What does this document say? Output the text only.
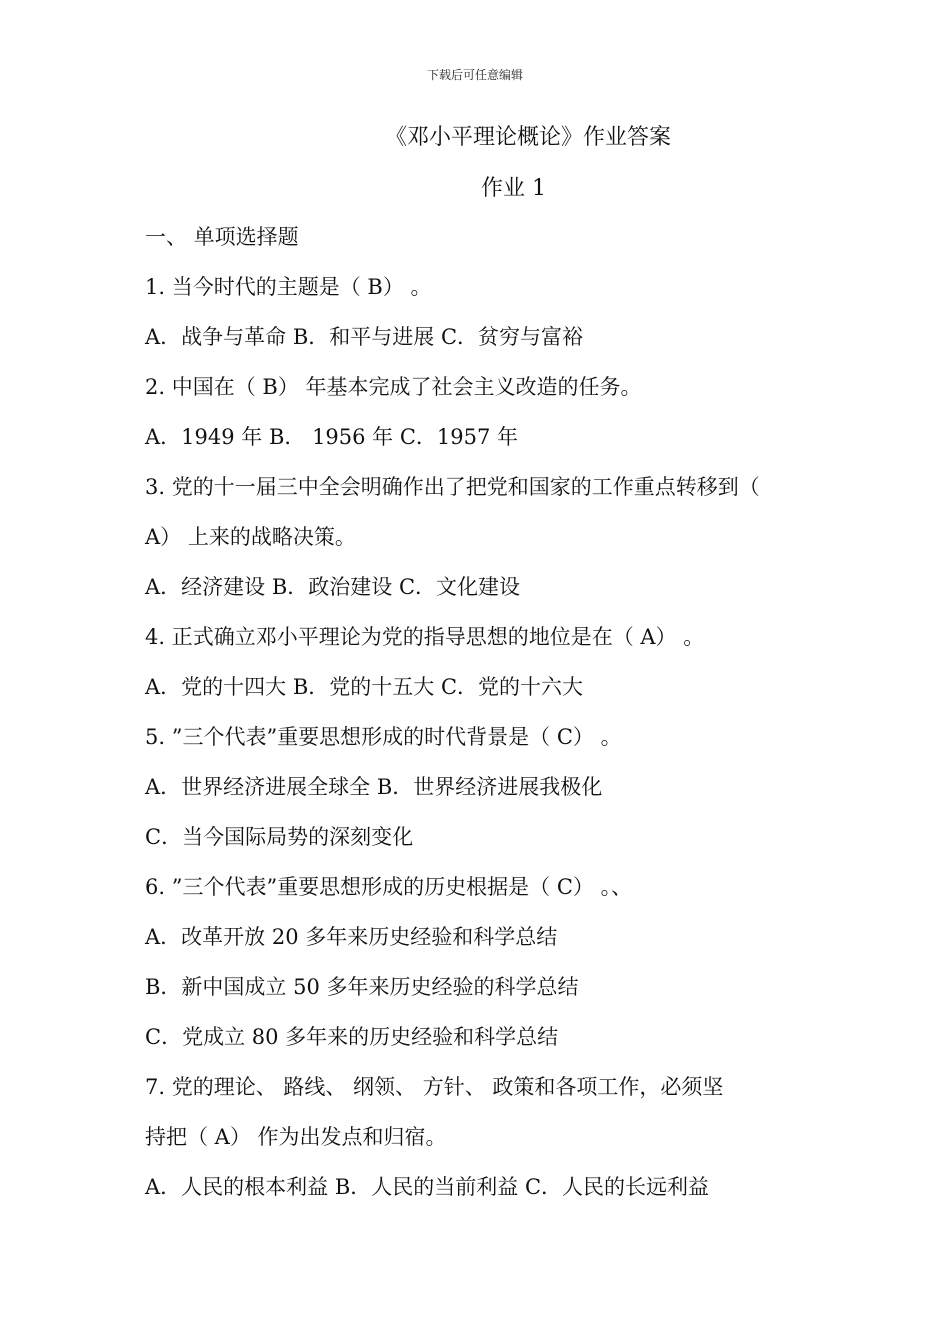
下载后可任意编辑
《邓小平理论概论》作业答案
作业 1
一、 单项选择题
1. 当今时代的主题是（ B） 。
A．战争与革命 B．和平与进展 C．贫穷与富裕
2. 中国在（ B） 年基本完成了社会主义改造的任务。
A．1949 年 B． 1956 年 C．1957 年
3. 党的十一届三中全会明确作出了把党和国家的工作重点转移到（
A） 上来的战略决策。
A．经济建设 B．政治建设 C．文化建设
4. 正式确立邓小平理论为党的指导思想的地位是在（ A） 。
A．党的十四大 B．党的十五大 C．党的十六大
5. ”三个代表”重要思想形成的时代背景是（ C） 。
A．世界经济进展全球全 B．世界经济进展我极化
C．当今国际局势的深刻变化
6. ”三个代表”重要思想形成的历史根据是（ C） 。、
A．改革开放 20 多年来历史经验和科学总结
B．新中国成立 50 多年来历史经验的科学总结
C．党成立 80 多年来的历史经验和科学总结
7. 党的理论、 路线、 纲领、 方针、 政策和各项工作，必须坚
持把（ A） 作为出发点和归宿。
A．人民的根本利益 B．人民的当前利益 C．人民的长远利益
